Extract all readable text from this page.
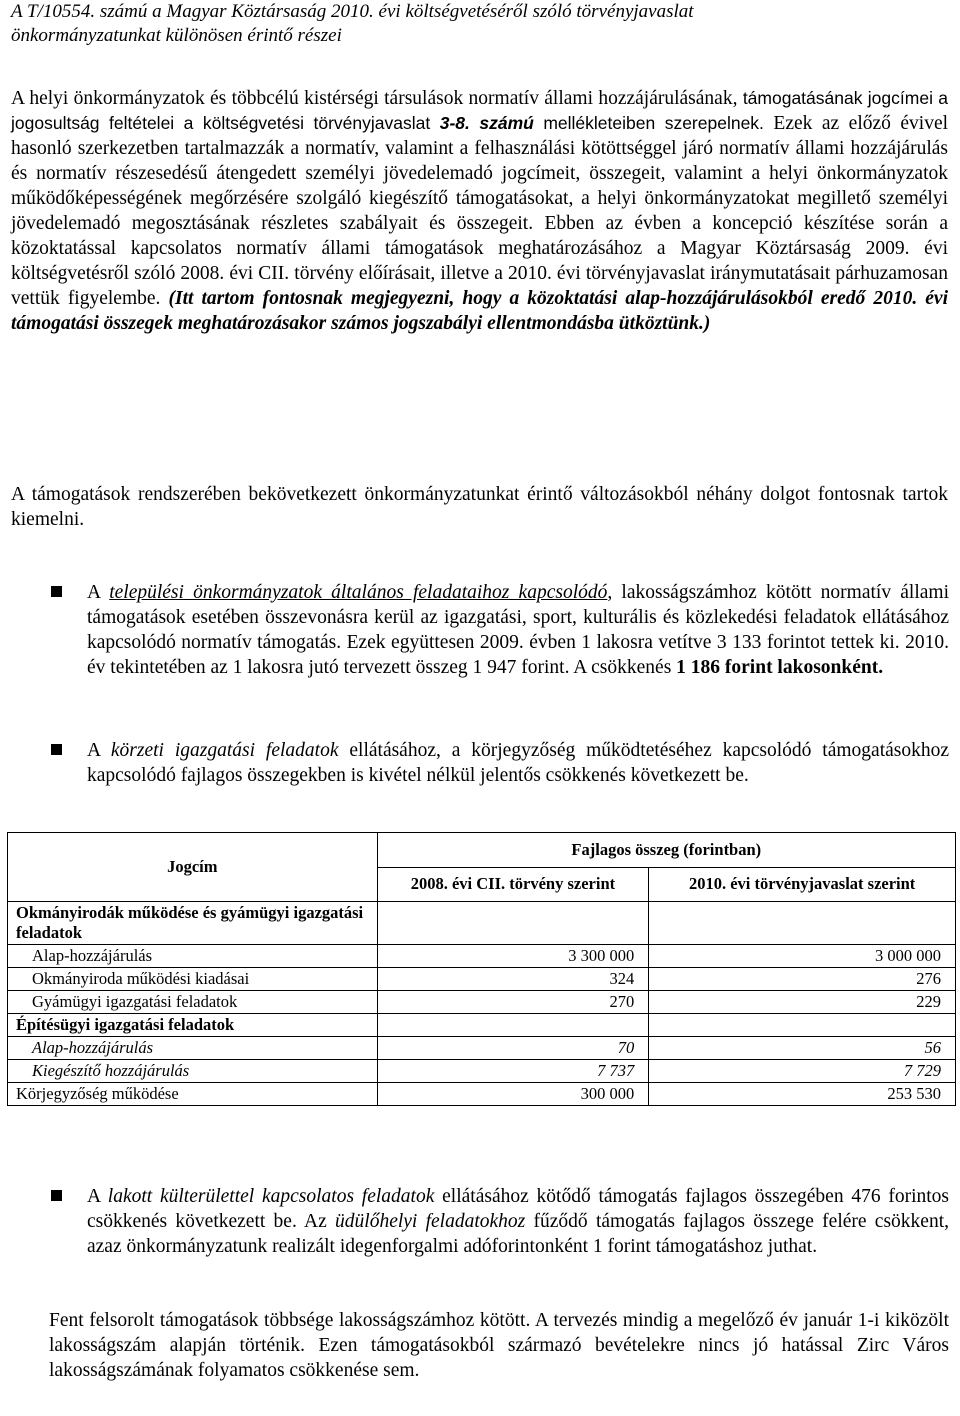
A T/10554. számú a Magyar Köztársaság 2010. évi költségvetéséről szóló törvényjavaslat
önkormányzatunkat különösen érintő részei

A helyi önkormányzatok és többcélú kistérségi társulások normatív állami hozzájárulásának, támogatásának jogcímei a jogosultság feltételei a költségvetési törvényjavaslat 3-8. számú mellékleteiben szerepelnek. Ezek az előző évivel hasonló szerkezetben tartalmazzák a normatív, valamint a felhasználási kötöttséggel járó normatív állami hozzájárulás és normatív részesedésű átengedett személyi jövedelemadó jogcímeit, összegeit, valamint a helyi önkormányzatok működőképességének megőrzésére szolgáló kiegészítő támogatásokat, a helyi önkormányzatokat megillető személyi jövedelemadó megosztásának részletes szabályait és összegeit. Ebben az évben a koncepció készítése során a közoktatással kapcsolatos normatív állami támogatások meghatározásához a Magyar Köztársaság 2009. évi költségvetésről szóló 2008. évi CII. törvény előírásait, illetve a 2010. évi törvényjavaslat iránymutatásait párhuzamosan vettük figyelembe. (Itt tartom fontosnak megjegyezni, hogy a közoktatási alap-hozzájárulásokból eredő 2010. évi támogatási összegek meghatározásakor számos jogszabályi ellentmondásba ütköztünk.)

A támogatások rendszerében bekövetkezett önkormányzatunkat érintő változásokból néhány dolgot fontosnak tartok kiemelni.

A települési önkormányzatok általános feladataihoz kapcsolódó, lakosságszámhoz kötött normatív állami támogatások esetében összevonásra kerül az igazgatási, sport, kulturális és közlekedési feladatok ellátásához kapcsolódó normatív támogatás. Ezek együttesen 2009. évben 1 lakosra vetítve 3 133 forintot tettek ki. 2010. év tekintetében az 1 lakosra jutó tervezett összeg 1 947 forint. A csökkenés 1 186 forint lakosonként.

A körzeti igazgatási feladatok ellátásához, a körjegyzőség működtetéséhez kapcsolódó támogatásokhoz kapcsolódó fajlagos összegekben is kivétel nélkül jelentős csökkenés következett be.

Jogcím	Fajlagos összeg (forintban)	
	2008. évi CII. törvény szerint	2010. évi törvényjavaslat szerint
Okmányirodák működése és gyámügyi igazgatási feladatok		
Alap-hozzájárulás	3 300 000	3 000 000
Okmányiroda működési kiadásai	324	276
Gyámügyi igazgatási feladatok	270	229
Építésügyi igazgatási feladatok		
Alap-hozzájárulás	70	56
Kiegészítő hozzájárulás	7 737	7 729
Körjegyzőség működése	300 000	253 530

A lakott külterülettel kapcsolatos feladatok ellátásához kötődő támogatás fajlagos összegében 476 forintos csökkenés következett be. Az üdülőhelyi feladatokhoz fűződő támogatás fajlagos összege felére csökkent, azaz önkormányzatunk realizált idegenforgalmi adóforintonként 1 forint támogatáshoz juthat.

Fent felsorolt támogatások többsége lakosságszámhoz kötött. A tervezés mindig a megelőző év január 1-i kiközölt lakosságszám alapján történik. Ezen támogatásokból származó bevételekre nincs jó hatással Zirc Város lakosságszámának folyamatos csökkenése sem.
